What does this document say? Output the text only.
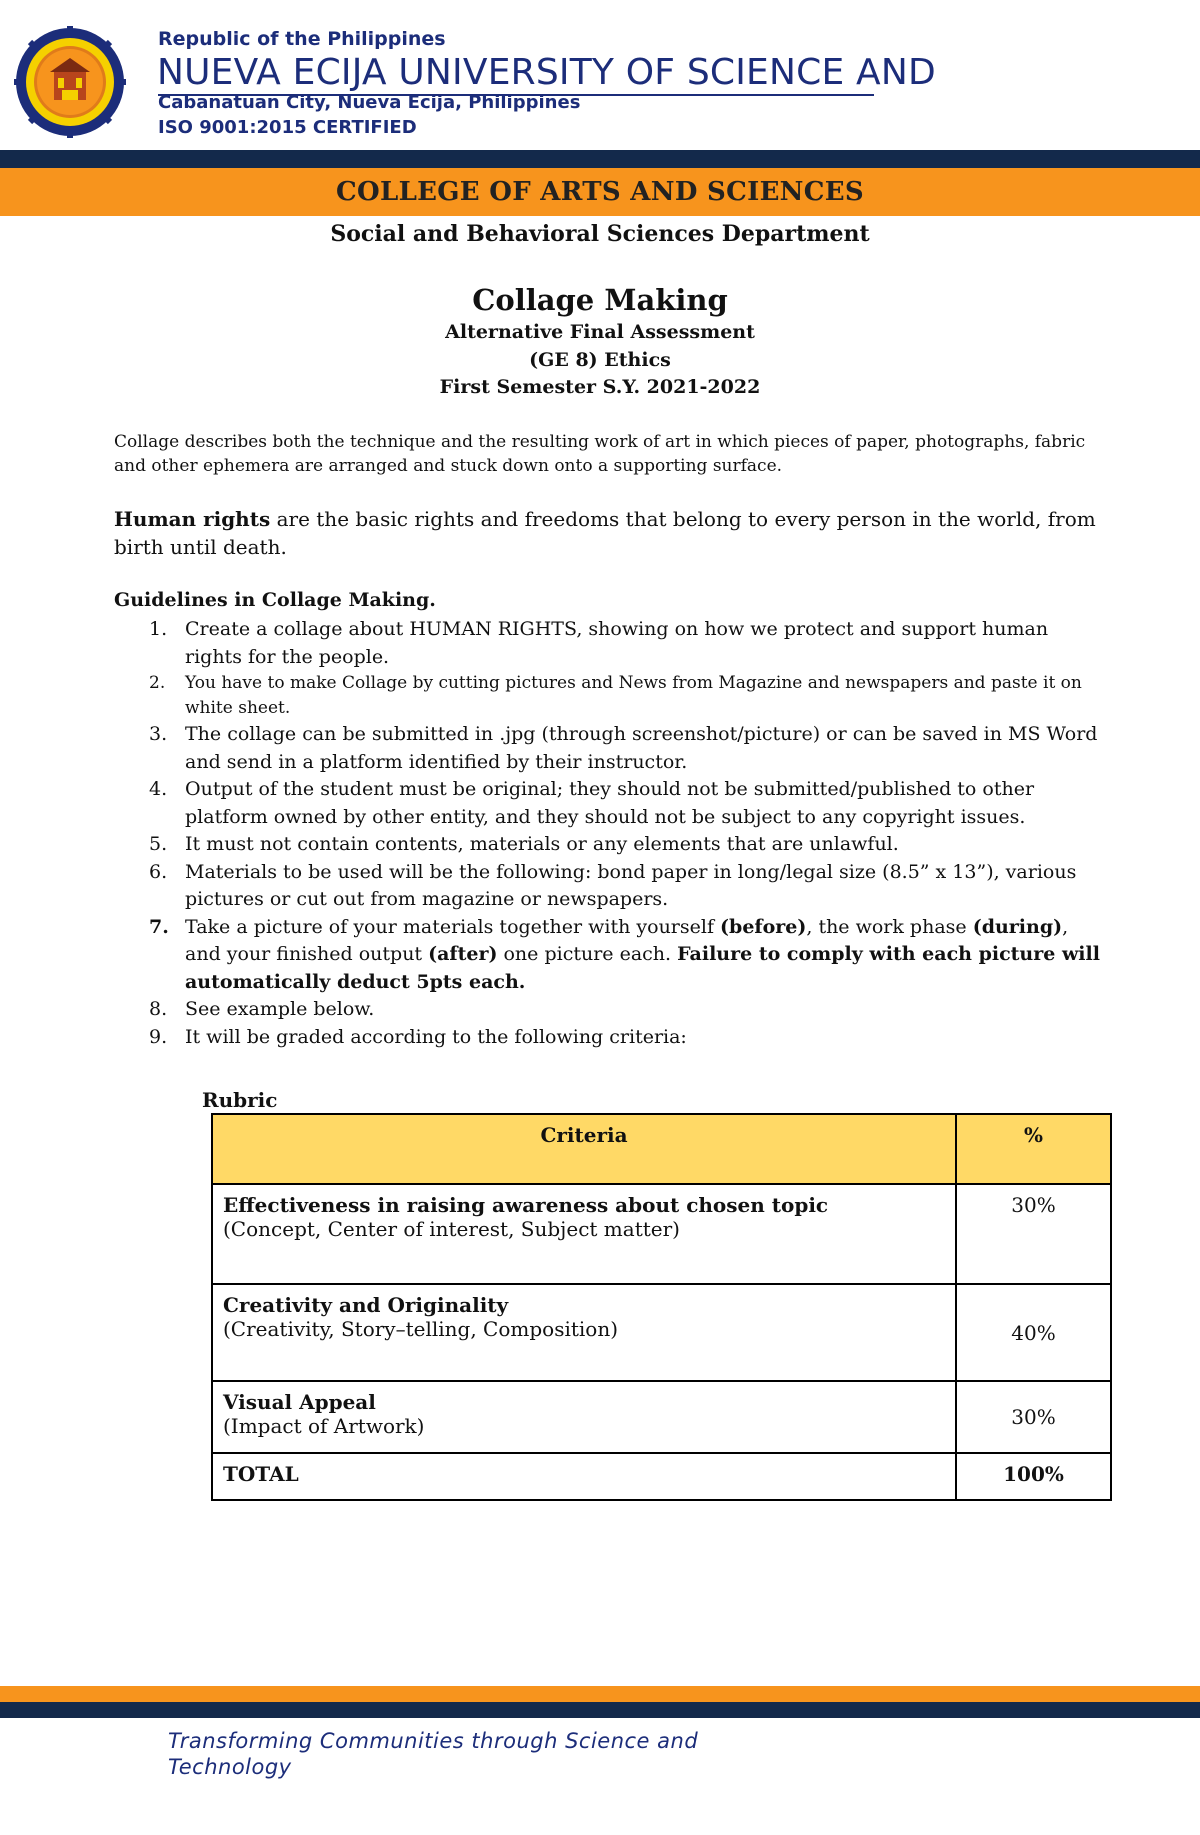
Republic of the Philippines
NUEVA ECIJA UNIVERSITY OF SCIENCE AND
Cabanatuan City, Nueva Ecija, Philippines
ISO 9001:2015 CERTIFIED
COLLEGE OF ARTS AND SCIENCES
Social and Behavioral Sciences Department
Collage Making
Alternative Final Assessment
(GE 8) Ethics
First Semester S.Y. 2021-2022
Collage describes both the technique and the resulting work of art in which pieces of paper, photographs, fabric and other ephemera are arranged and stuck down onto a supporting surface.
Human rights are the basic rights and freedoms that belong to every person in the world, from birth until death.
Guidelines in Collage Making.
1. Create a collage about HUMAN RIGHTS, showing on how we protect and support human rights for the people.
2.	You have to make Collage by cutting pictures and News from Magazine and newspapers and paste it on white sheet.
3. The collage can be submitted in .jpg (through screenshot/picture) or can be saved in MS Word and send in a platform identified by their instructor.
4. Output of the student must be original; they should not be submitted/published to other platform owned by other entity, and they should not be subject to any copyright issues.
5. It must not contain contents, materials or any elements that are unlawful.
6. Materials to be used will be the following: bond paper in long/legal size (8.5” x 13”), various pictures or cut out from magazine or newspapers.
7. Take a picture of your materials together with yourself (before), the work phase (during), and your finished output (after) one picture each. Failure to comply with each picture will automatically deduct 5pts each.
8. See example below.
9. It will be graded according to the following criteria:
Rubric
Criteria	%

Effectiveness in raising awareness about chosen topic
(Concept, Center of interest, Subject matter)	30%

Creativity and Originality
(Creativity, Story–telling, Composition)	40%

Visual Appeal
(Impact of Artwork)	30%
TOTAL	100%
Transforming Communities through Science and
Technology
